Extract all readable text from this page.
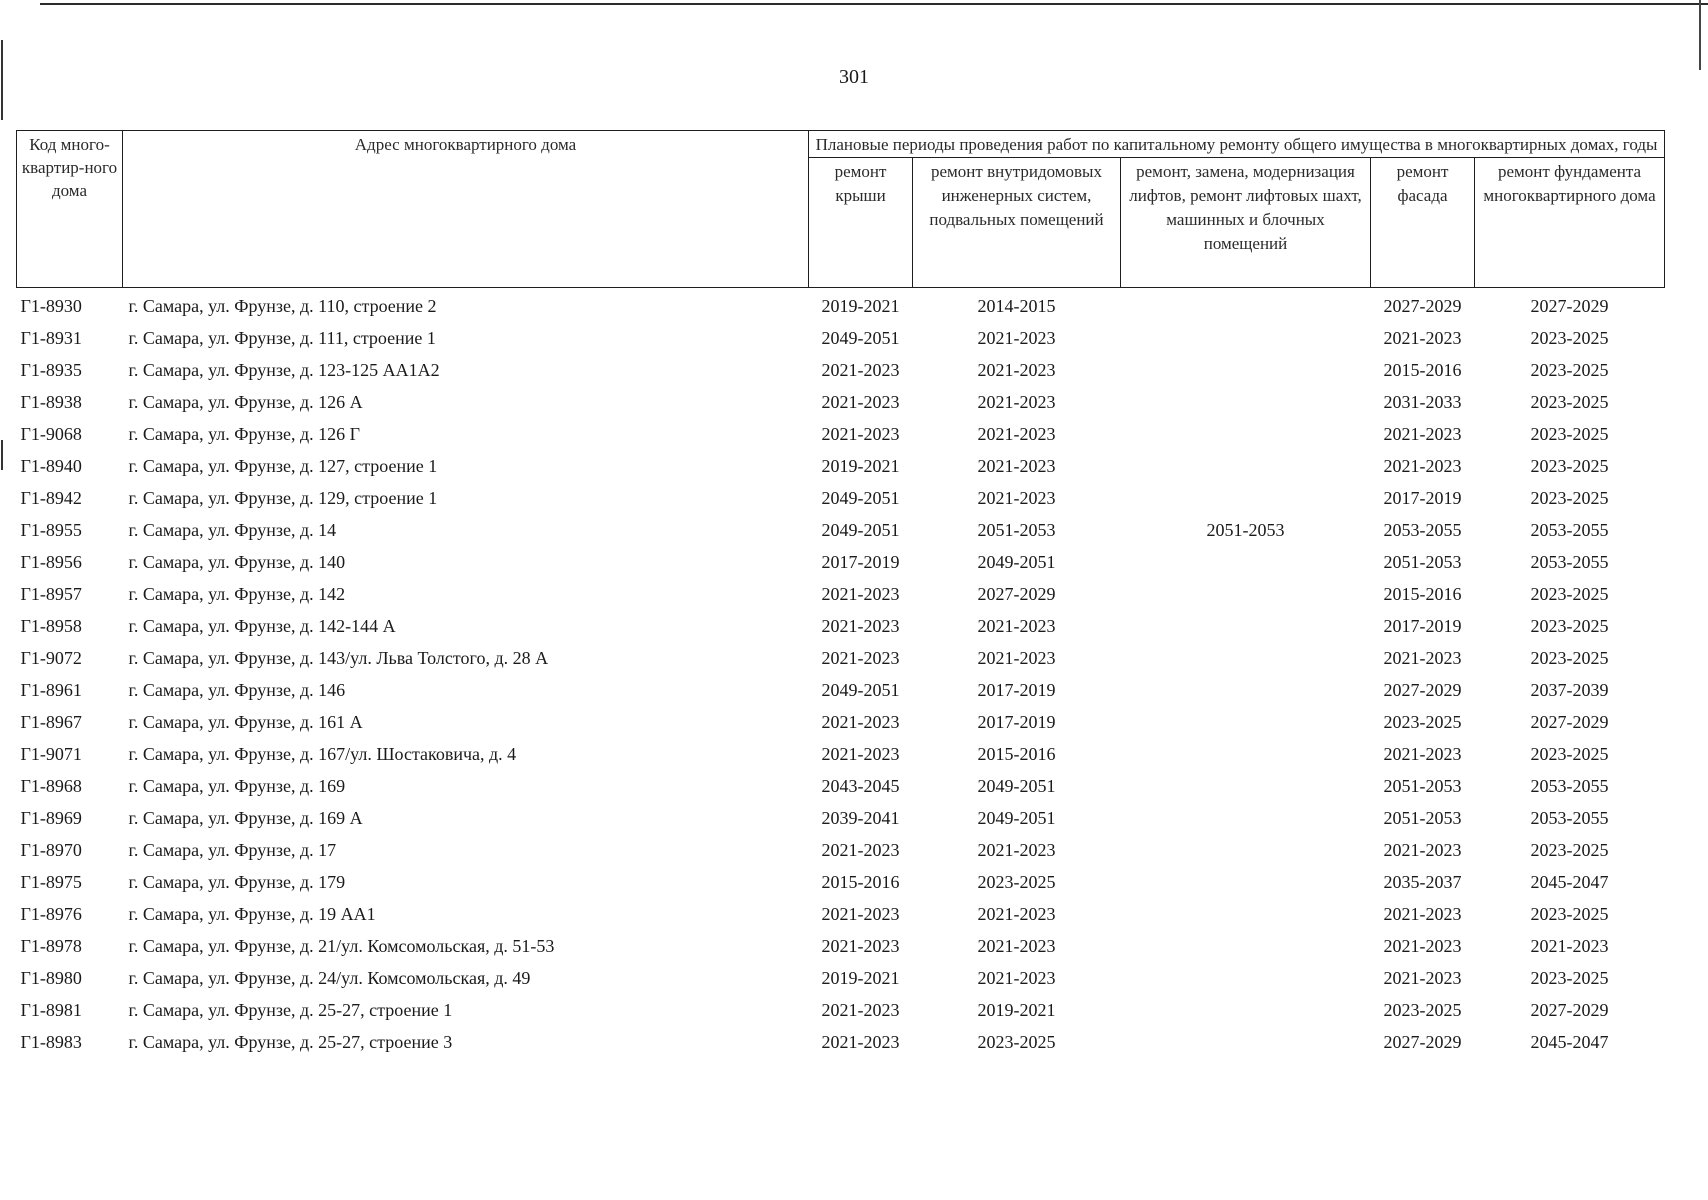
301
Код много-квартир-ного дома	Адрес многоквартирного дома	Плановые периоды проведения работ по капитальному ремонту общего имущества в многоквартирных домах, годы				
		ремонт крыши	ремонт внутридомовых инженерных систем, подвальных помещений	ремонт, замена, модернизация лифтов, ремонт лифтовых шахт, машинных и блочных помещений	ремонт фасада	ремонт фундамента многоквартирного дома
Г1-8930	г. Самара, ул. Фрунзе, д. 110, строение 2	2019-2021	2014-2015		2027-2029	2027-2029
Г1-8931	г. Самара, ул. Фрунзе, д. 111, строение 1	2049-2051	2021-2023		2021-2023	2023-2025
Г1-8935	г. Самара, ул. Фрунзе, д. 123-125 АА1А2	2021-2023	2021-2023		2015-2016	2023-2025
Г1-8938	г. Самара, ул. Фрунзе, д. 126 А	2021-2023	2021-2023		2031-2033	2023-2025
Г1-9068	г. Самара, ул. Фрунзе, д. 126 Г	2021-2023	2021-2023		2021-2023	2023-2025
Г1-8940	г. Самара, ул. Фрунзе, д. 127, строение 1	2019-2021	2021-2023		2021-2023	2023-2025
Г1-8942	г. Самара, ул. Фрунзе, д. 129, строение 1	2049-2051	2021-2023		2017-2019	2023-2025
Г1-8955	г. Самара, ул. Фрунзе, д. 14	2049-2051	2051-2053	2051-2053	2053-2055	2053-2055
Г1-8956	г. Самара, ул. Фрунзе, д. 140	2017-2019	2049-2051		2051-2053	2053-2055
Г1-8957	г. Самара, ул. Фрунзе, д. 142	2021-2023	2027-2029		2015-2016	2023-2025
Г1-8958	г. Самара, ул. Фрунзе, д. 142-144 А	2021-2023	2021-2023		2017-2019	2023-2025
Г1-9072	г. Самара, ул. Фрунзе, д. 143/ул. Льва Толстого, д. 28 А	2021-2023	2021-2023		2021-2023	2023-2025
Г1-8961	г. Самара, ул. Фрунзе, д. 146	2049-2051	2017-2019		2027-2029	2037-2039
Г1-8967	г. Самара, ул. Фрунзе, д. 161 А	2021-2023	2017-2019		2023-2025	2027-2029
Г1-9071	г. Самара, ул. Фрунзе, д. 167/ул. Шостаковича, д. 4	2021-2023	2015-2016		2021-2023	2023-2025
Г1-8968	г. Самара, ул. Фрунзе, д. 169	2043-2045	2049-2051		2051-2053	2053-2055
Г1-8969	г. Самара, ул. Фрунзе, д. 169 А	2039-2041	2049-2051		2051-2053	2053-2055
Г1-8970	г. Самара, ул. Фрунзе, д. 17	2021-2023	2021-2023		2021-2023	2023-2025
Г1-8975	г. Самара, ул. Фрунзе, д. 179	2015-2016	2023-2025		2035-2037	2045-2047
Г1-8976	г. Самара, ул. Фрунзе, д. 19 АА1	2021-2023	2021-2023		2021-2023	2023-2025
Г1-8978	г. Самара, ул. Фрунзе, д. 21/ул. Комсомольская, д. 51-53	2021-2023	2021-2023		2021-2023	2021-2023
Г1-8980	г. Самара, ул. Фрунзе, д. 24/ул. Комсомольская, д. 49	2019-2021	2021-2023		2021-2023	2023-2025
Г1-8981	г. Самара, ул. Фрунзе, д. 25-27, строение 1	2021-2023	2019-2021		2023-2025	2027-2029
Г1-8983	г. Самара, ул. Фрунзе, д. 25-27, строение 3	2021-2023	2023-2025		2027-2029	2045-2047
